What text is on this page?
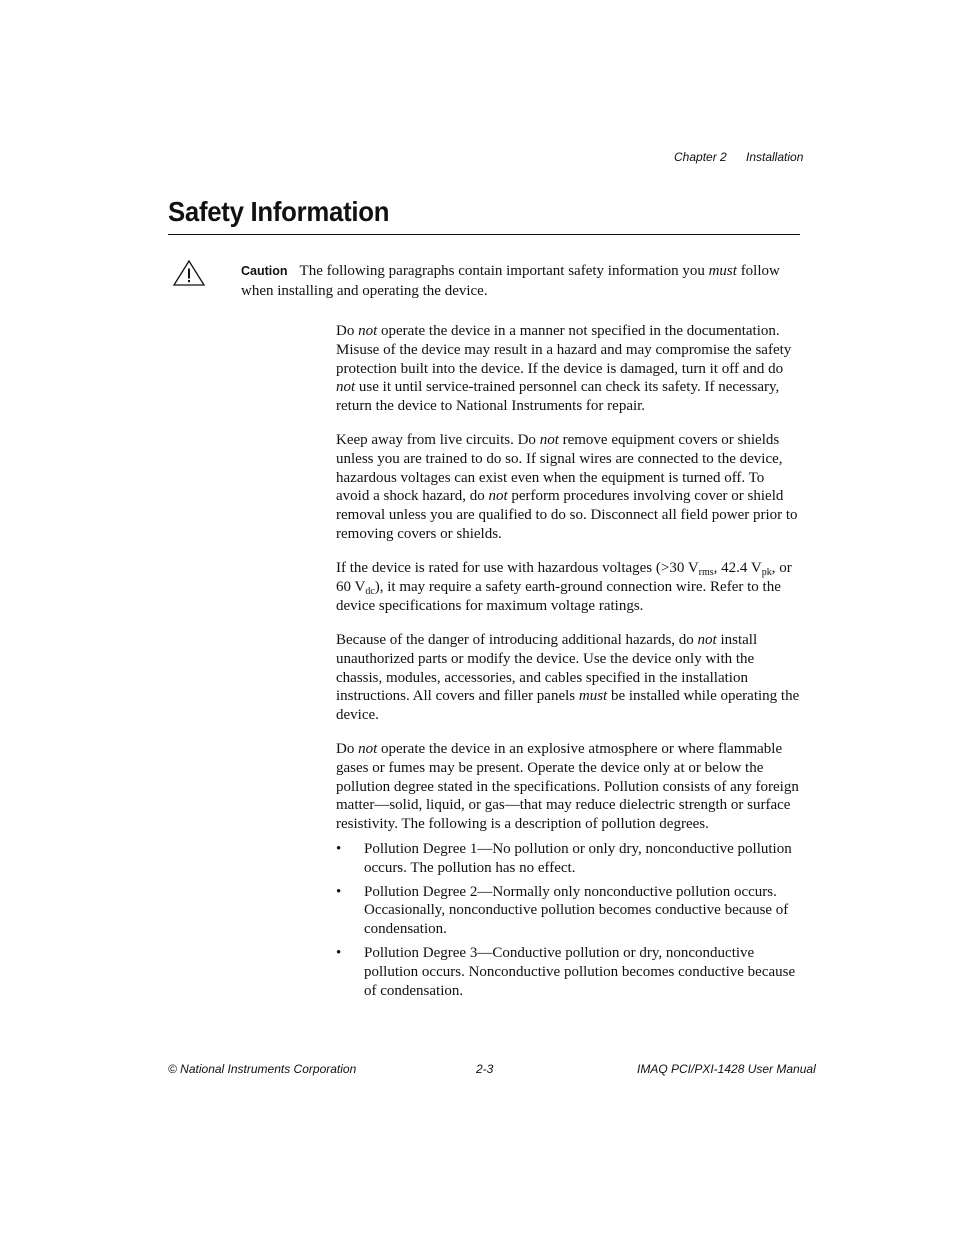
Chapter 2 Installation
Safety Information
Caution The following paragraphs contain important safety information you must follow when installing and operating the device.

Do not operate the device in a manner not specified in the documentation. Misuse of the device may result in a hazard and may compromise the safety protection built into the device. If the device is damaged, turn it off and do not use it until service-trained personnel can check its safety. If necessary, return the device to National Instruments for repair.

Keep away from live circuits. Do not remove equipment covers or shields unless you are trained to do so. If signal wires are connected to the device, hazardous voltages can exist even when the equipment is turned off. To avoid a shock hazard, do not perform procedures involving cover or shield removal unless you are qualified to do so. Disconnect all field power prior to removing covers or shields.

If the device is rated for use with hazardous voltages (>30 $V_{rms}$, 42.4 $V_{pk}$, or 60 $V_{dc}$), it may require a safety earth-ground connection wire. Refer to the device specifications for maximum voltage ratings.

Because of the danger of introducing additional hazards, do not install unauthorized parts or modify the device. Use the device only with the chassis, modules, accessories, and cables specified in the installation instructions. All covers and filler panels must be installed while operating the device.

Do not operate the device in an explosive atmosphere or where flammable gases or fumes may be present. Operate the device only at or below the pollution degree stated in the specifications. Pollution consists of any foreign matter—solid, liquid, or gas—that may reduce dielectric strength or surface resistivity. The following is a description of pollution degrees.

• Pollution Degree 1—No pollution or only dry, nonconductive pollution occurs. The pollution has no effect.
• Pollution Degree 2—Normally only nonconductive pollution occurs. Occasionally, nonconductive pollution becomes conductive because of condensation.
• Pollution Degree 3—Conductive pollution or dry, nonconductive pollution occurs. Nonconductive pollution becomes conductive because of condensation.
© National Instruments Corporation	2-3	IMAQ PCI/PXI-1428 User Manual
